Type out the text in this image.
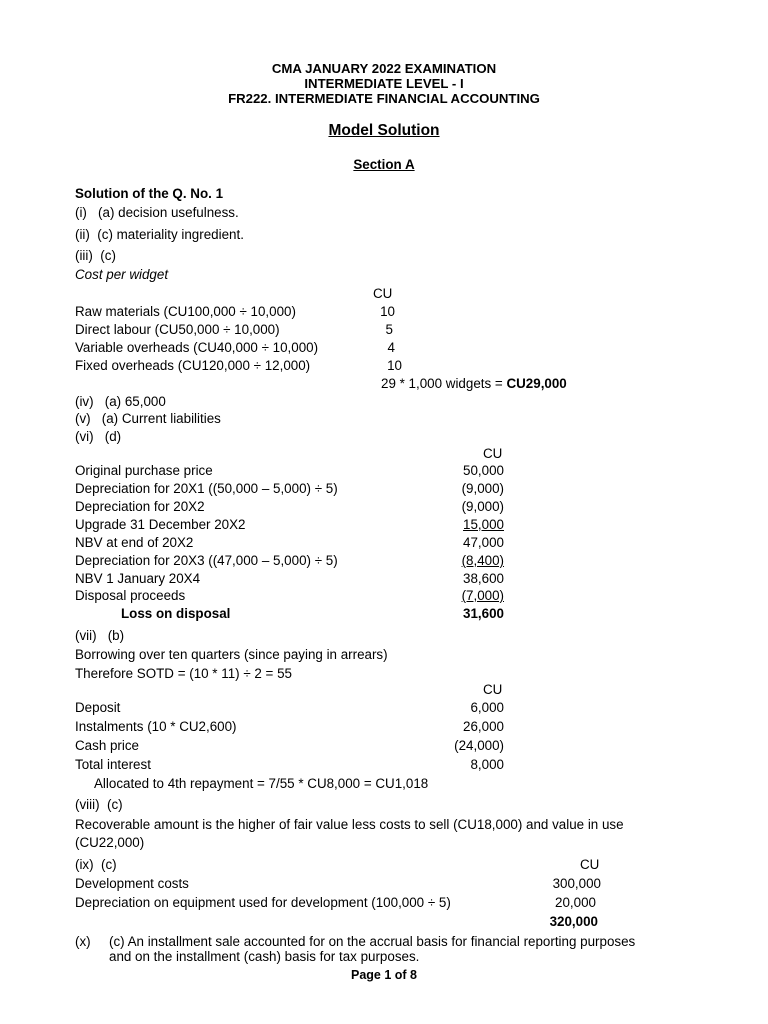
CMA JANUARY 2022 EXAMINATION
INTERMEDIATE LEVEL - I
FR222. INTERMEDIATE FINANCIAL ACCOUNTING
Model Solution
Section A
Solution of the Q. No. 1
(i)   (a) decision usefulness.
(ii)  (c) materiality ingredient.
(iii)  (c)
Cost per widget
CU
Raw materials (CU100,000 ÷ 10,000)	10
Direct labour (CU50,000 ÷ 10,000)	5
Variable overheads (CU40,000 ÷ 10,000)	4
Fixed overheads (CU120,000 ÷ 12,000)	10
29 * 1,000 widgets = CU29,000
(iv)   (a) 65,000
(v)   (a) Current liabilities
(vi)   (d)
CU
Original purchase price	50,000
Depreciation for 20X1 ((50,000 – 5,000) ÷ 5)	(9,000)
Depreciation for 20X2	(9,000)
Upgrade 31 December 20X2	15,000
NBV at end of 20X2	47,000
Depreciation for 20X3 ((47,000 – 5,000) ÷ 5)	(8,400)
NBV 1 January 20X4	38,600
Disposal proceeds	(7,000)
Loss on disposal	31,600
(vii)   (b)
Borrowing over ten quarters (since paying in arrears)
Therefore SOTD = (10 * 11) ÷ 2 = 55
CU
Deposit	6,000
Instalments (10 * CU2,600)	26,000
Cash price	(24,000)
Total interest	8,000
Allocated to 4th repayment = 7/55 * CU8,000 = CU1,018
(viii)  (c)
Recoverable amount is the higher of fair value less costs to sell (CU18,000) and value in use
(CU22,000)
(ix)  (c)	CU
Development costs	300,000
Depreciation on equipment used for development (100,000 ÷ 5)	20,000
320,000
(x) (c) An installment sale accounted for on the accrual basis for financial reporting purposes
and on the installment (cash) basis for tax purposes.
Page 1 of 8
